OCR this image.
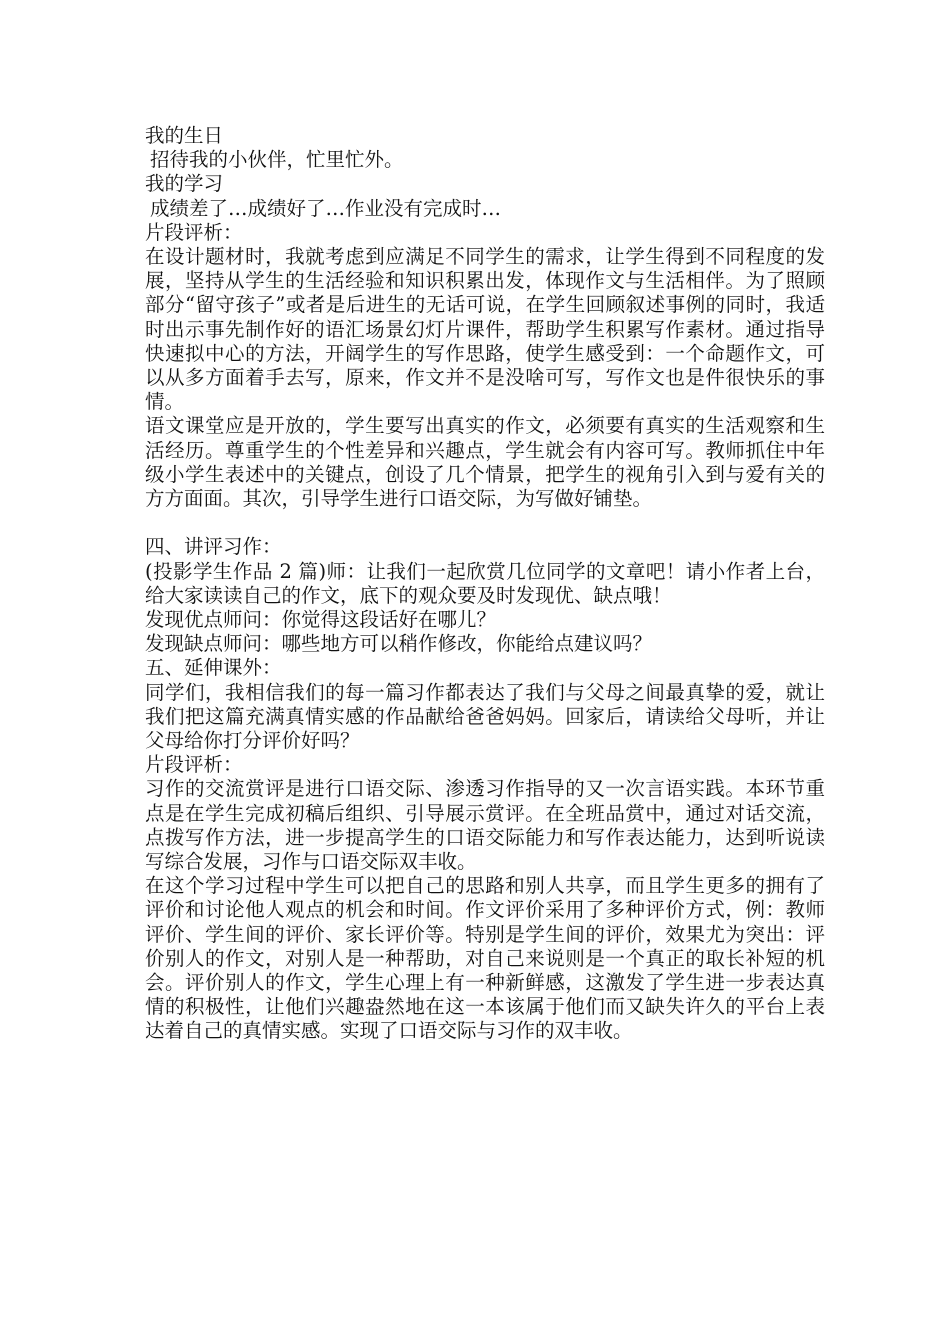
我的生日
招待我的小伙伴，忙里忙外。
我的学习
成绩差了…成绩好了…作业没有完成时…
片段评析：
在设计题材时，我就考虑到应满足不同学生的需求，让学生得到不同程度的发展，坚持从学生的生活经验和知识积累出发，体现作文与生活相伴。为了照顾部分“留守孩子”或者是后进生的无话可说，在学生回顾叙述事例的同时，我适时出示事先制作好的语汇场景幻灯片课件，帮助学生积累写作素材。通过指导快速拟中心的方法，开阔学生的写作思路，使学生感受到：一个命题作文，可以从多方面着手去写，原来，作文并不是没啥可写，写作文也是件很快乐的事情。
语文课堂应是开放的，学生要写出真实的作文，必须要有真实的生活观察和生活经历。尊重学生的个性差异和兴趣点，学生就会有内容可写。教师抓住中年级小学生表述中的关键点，创设了几个情景，把学生的视角引入到与爱有关的方方面面。其次，引导学生进行口语交际，为写做好铺垫。
四、讲评习作：
(投影学生作品 2 篇)师：让我们一起欣赏几位同学的文章吧！请小作者上台，给大家读读自己的作文，底下的观众要及时发现优、缺点哦！
发现优点师问：你觉得这段话好在哪儿？
发现缺点师问：哪些地方可以稍作修改，你能给点建议吗？
五、延伸课外：
同学们，我相信我们的每一篇习作都表达了我们与父母之间最真挚的爱，就让我们把这篇充满真情实感的作品献给爸爸妈妈。回家后，请读给父母听，并让父母给你打分评价好吗？
片段评析：
习作的交流赏评是进行口语交际、渗透习作指导的又一次言语实践。本环节重点是在学生完成初稿后组织、引导展示赏评。在全班品赏中，通过对话交流，点拨写作方法，进一步提高学生的口语交际能力和写作表达能力，达到听说读写综合发展，习作与口语交际双丰收。
在这个学习过程中学生可以把自己的思路和别人共享，而且学生更多的拥有了评价和讨论他人观点的机会和时间。作文评价采用了多种评价方式，例：教师评价、学生间的评价、家长评价等。特别是学生间的评价，效果尤为突出：评价别人的作文，对别人是一种帮助，对自己来说则是一个真正的取长补短的机会。评价别人的作文，学生心理上有一种新鲜感，这激发了学生进一步表达真情的积极性，让他们兴趣盎然地在这一本该属于他们而又缺失许久的平台上表达着自己的真情实感。实现了口语交际与习作的双丰收。
